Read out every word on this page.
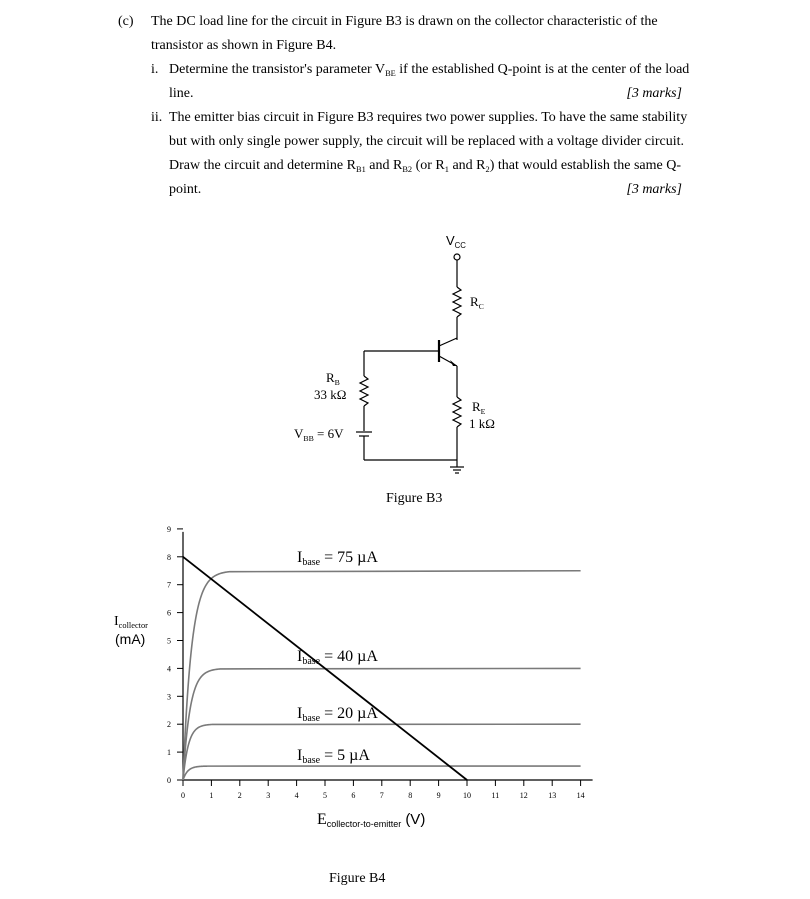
(c) The DC load line for the circuit in Figure B3 is drawn on the collector characteristic of the
transistor as shown in Figure B4.
i. Determine the transistor's parameter $V_{BE}$ if the established Q-point is at the center of the load
line.	[3 marks]
ii. The emitter bias circuit in Figure B3 requires two power supplies. To have the same stability
but with only single power supply, the circuit will be replaced with a voltage divider circuit.
Draw the circuit and determine $R_{B1}$ and $R_{B2}$ (or $R_1$ and $R_2$) that would establish the same Q-
point.	[3 marks]
$V_{CC}$
$R_C$
$R_B$
33 kΩ
$R_E$
1 kΩ
$V_{BB} = 6V$
Figure B3
0	1	2	3	4	5	6	7	8	9	10	11	12	13	14
0
1
2
3
4
5
6
7
8
9
$I_{collector}$
(mA)
$E_{collector-to-emitter}$ (V)
Figure B4
$I_{base} = 75$ µA
$I_{base} = 40$ µA
$I_{base} = 20$ µA
$I_{base} = 5$ µA
